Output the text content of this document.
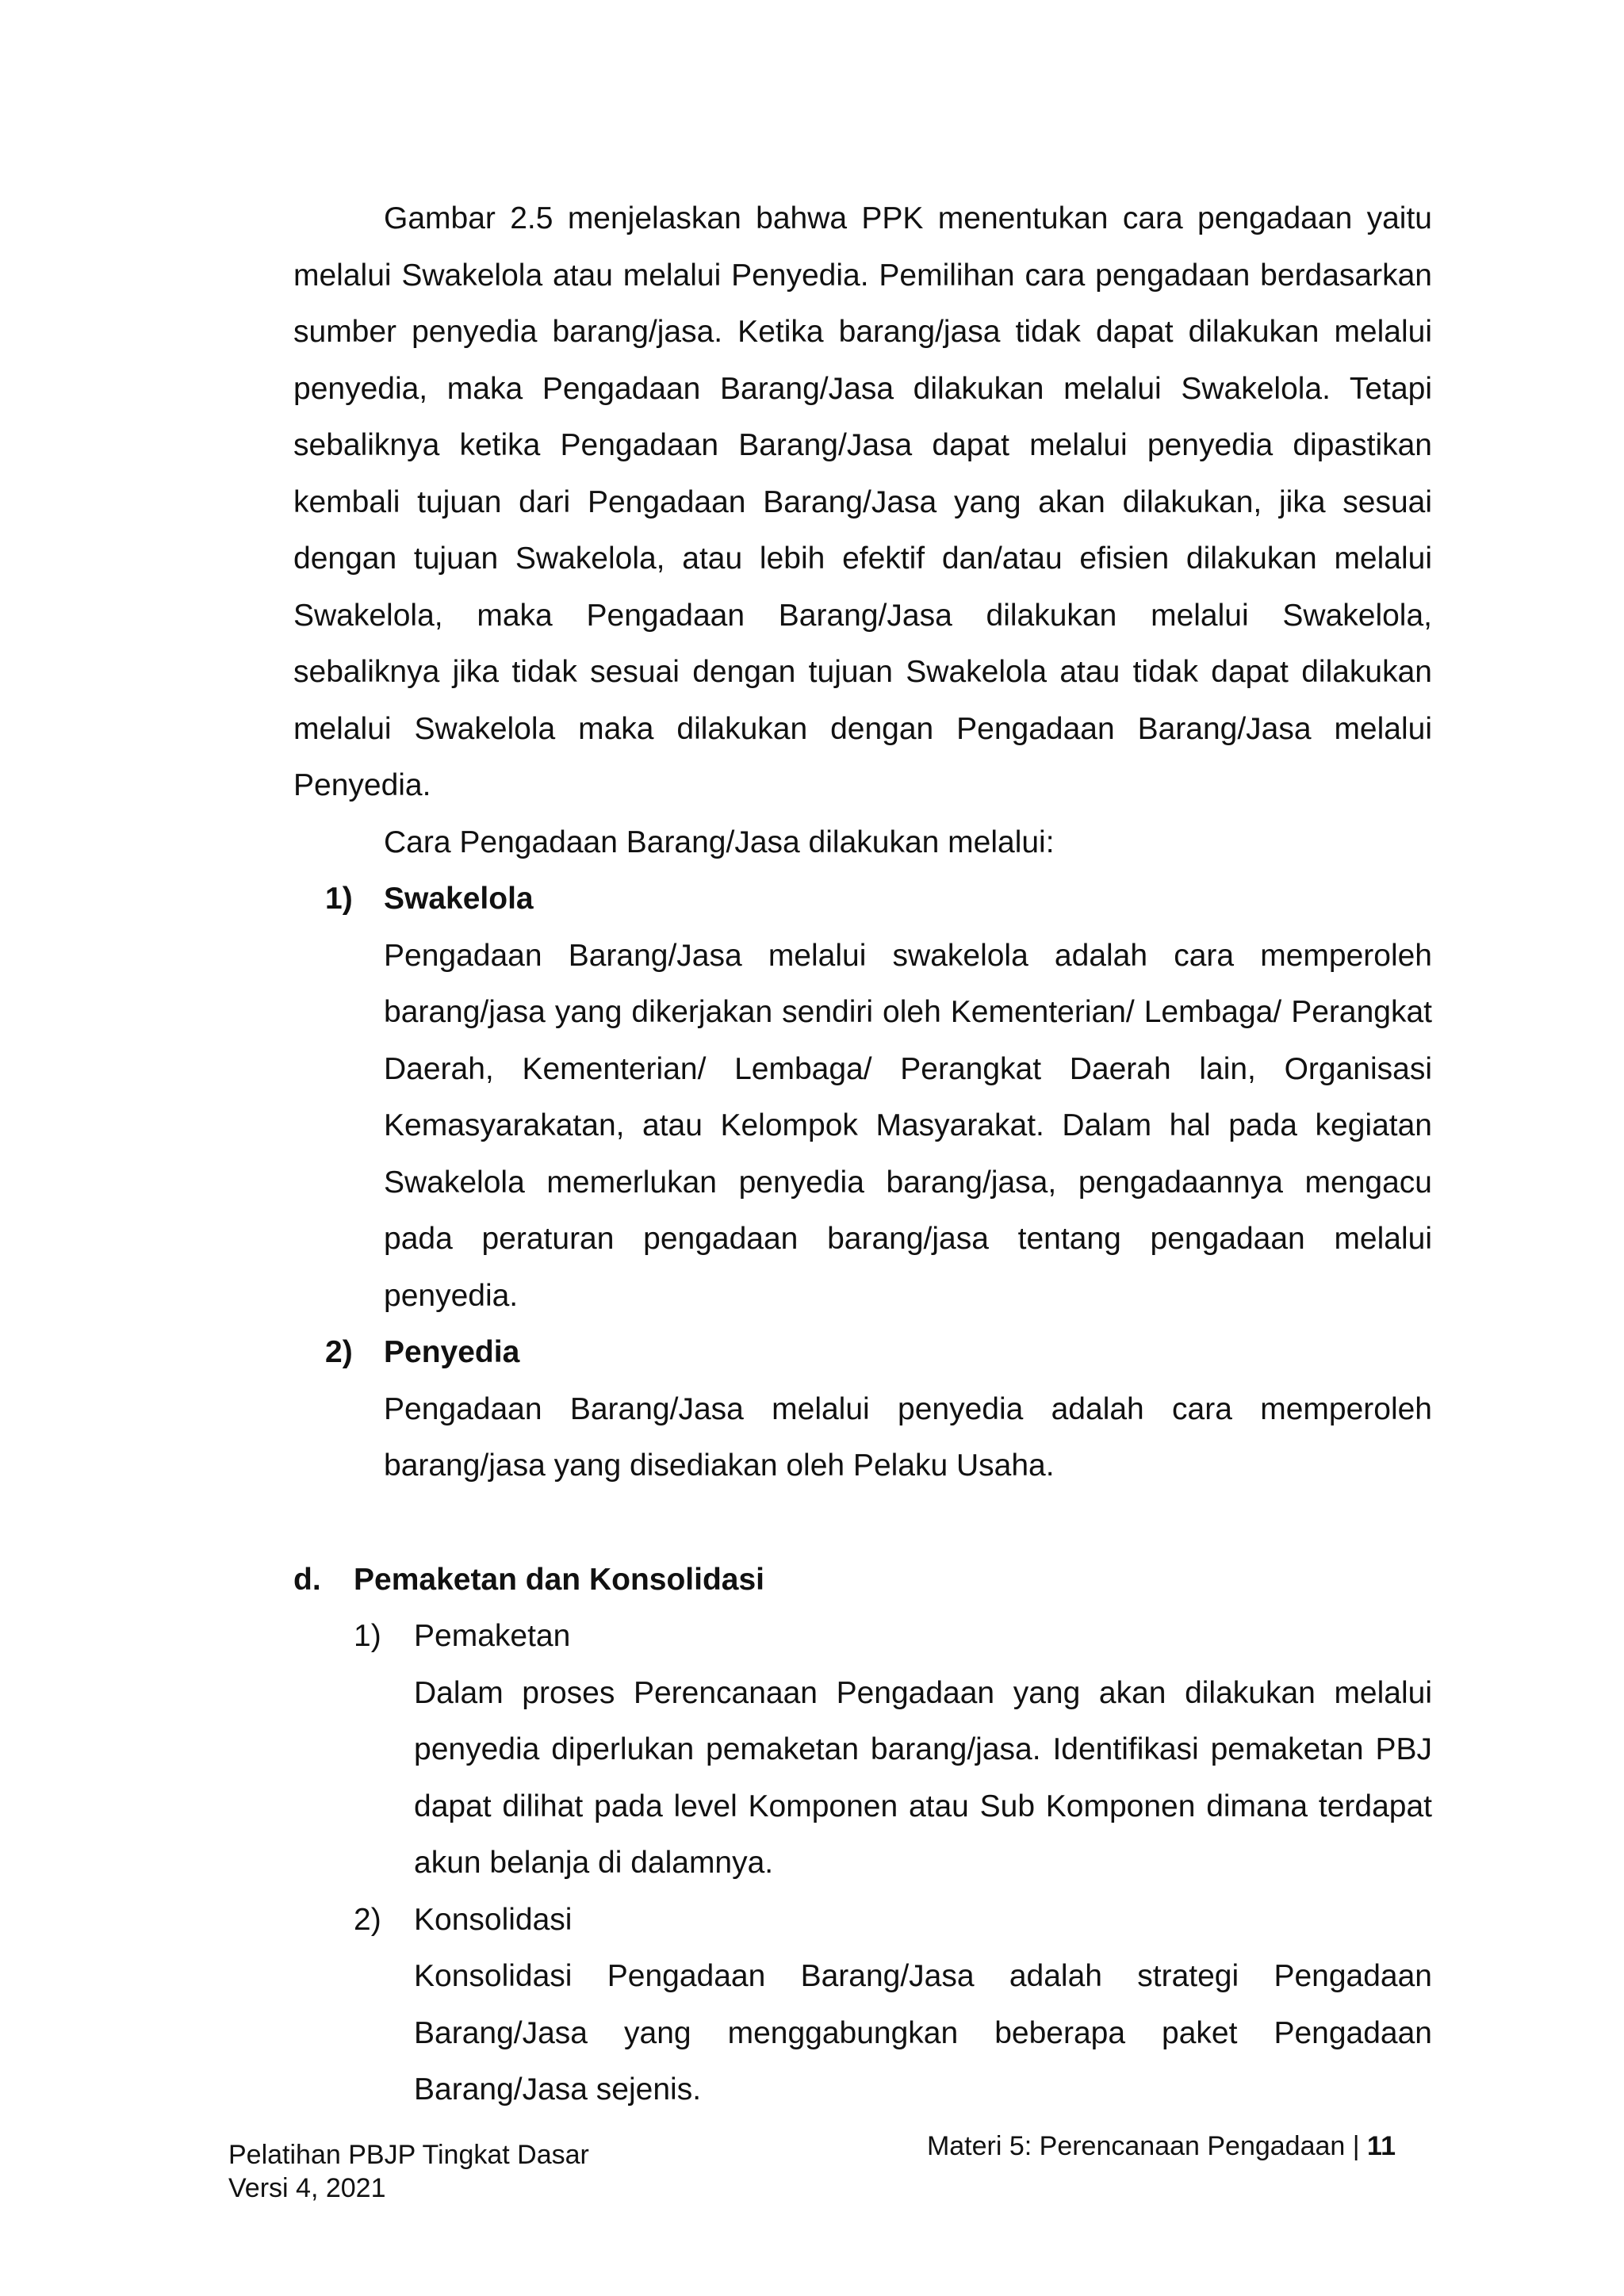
Gambar 2.5 menjelaskan bahwa PPK menentukan cara pengadaan yaitu melalui Swakelola atau melalui Penyedia. Pemilihan cara pengadaan berdasarkan sumber penyedia barang/jasa. Ketika barang/jasa tidak dapat dilakukan melalui penyedia, maka Pengadaan Barang/Jasa dilakukan melalui Swakelola. Tetapi sebaliknya ketika Pengadaan Barang/Jasa dapat melalui penyedia dipastikan kembali tujuan dari Pengadaan Barang/Jasa yang akan dilakukan, jika sesuai dengan tujuan Swakelola, atau lebih efektif dan/atau efisien dilakukan melalui Swakelola, maka Pengadaan Barang/Jasa dilakukan melalui Swakelola, sebaliknya jika tidak sesuai dengan tujuan Swakelola atau tidak dapat dilakukan melalui Swakelola maka dilakukan dengan Pengadaan Barang/Jasa melalui Penyedia.

Cara Pengadaan Barang/Jasa dilakukan melalui:

1) Swakelola

Pengadaan Barang/Jasa melalui swakelola adalah cara memperoleh barang/jasa yang dikerjakan sendiri oleh Kementerian/ Lembaga/ Perangkat Daerah, Kementerian/ Lembaga/ Perangkat Daerah lain, Organisasi Kemasyarakatan, atau Kelompok Masyarakat. Dalam hal pada kegiatan Swakelola memerlukan penyedia barang/jasa, pengadaannya mengacu pada peraturan pengadaan barang/jasa tentang pengadaan melalui penyedia.

2) Penyedia

Pengadaan Barang/Jasa melalui penyedia adalah cara memperoleh barang/jasa yang disediakan oleh Pelaku Usaha.

d. Pemaketan dan Konsolidasi
1) Pemaketan

Dalam proses Perencanaan Pengadaan yang akan dilakukan melalui penyedia diperlukan pemaketan barang/jasa. Identifikasi pemaketan PBJ dapat dilihat pada level Komponen atau Sub Komponen dimana terdapat akun belanja di dalamnya.

2) Konsolidasi

Konsolidasi Pengadaan Barang/Jasa adalah strategi Pengadaan Barang/Jasa yang menggabungkan beberapa paket Pengadaan Barang/Jasa sejenis.

Pelatihan PBJP Tingkat Dasar
Versi 4, 2021
Materi 5: Perencanaan Pengadaan | 11
